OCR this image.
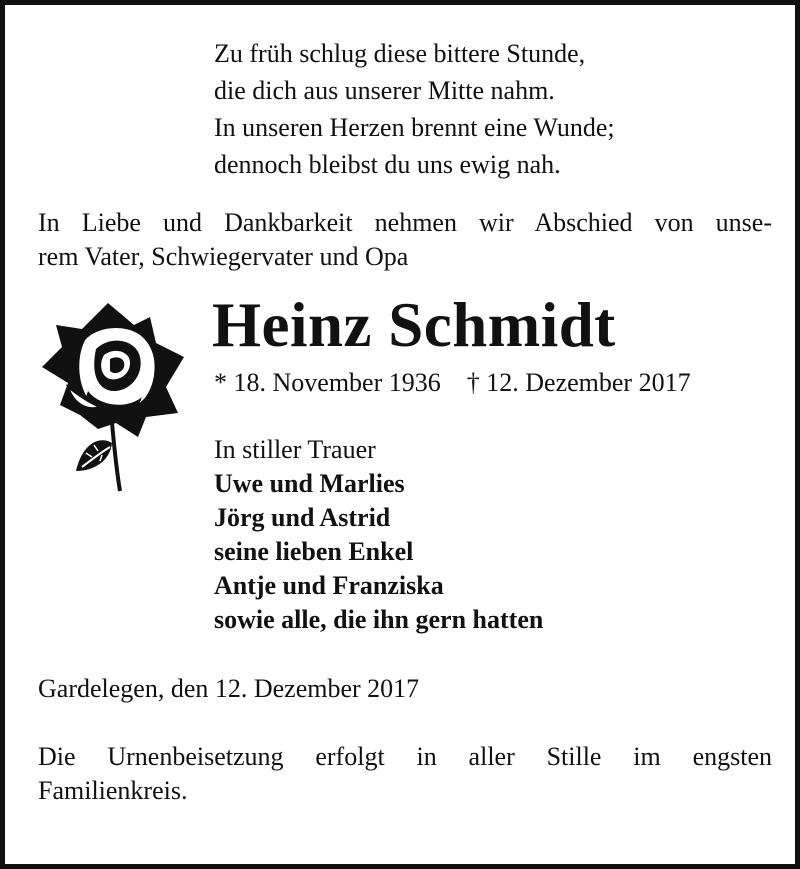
Zu früh schlug diese bittere Stunde,
die dich aus unserer Mitte nahm.
In unseren Herzen brennt eine Wunde;
dennoch bleibst du uns ewig nah.
In Liebe und Dankbarkeit nehmen wir Abschied von unse-
rem Vater, Schwiegervater und Opa
Heinz Schmidt
* 18. November 1936 † 12. Dezember 2017
In stiller Trauer
Uwe und Marlies
Jörg und Astrid
seine lieben Enkel
Antje und Franziska
sowie alle, die ihn gern hatten
Gardelegen, den 12. Dezember 2017
Die Urnenbeisetzung erfolgt in aller Stille im engsten
Familienkreis.
